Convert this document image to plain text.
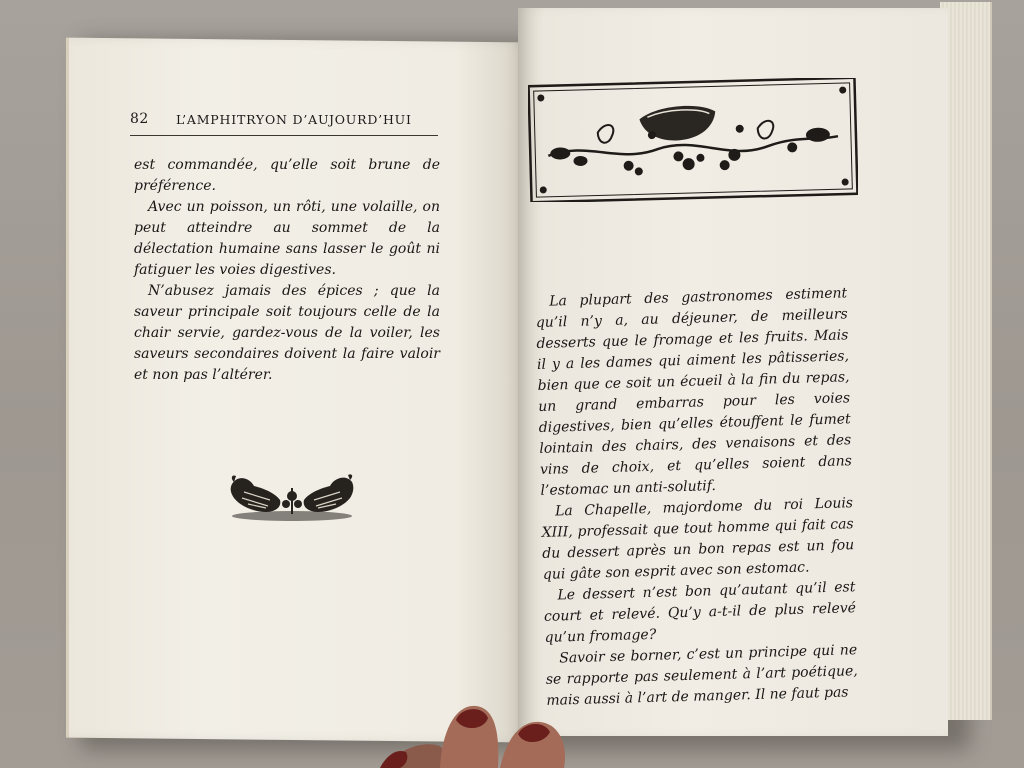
82 L’AMPHITRYON D’AUJOURD’HUI

est commandée, qu’elle soit brune de préférence.

Avec un poisson, un rôti, une volaille, on peut atteindre au sommet de la délectation humaine sans lasser le goût ni fatiguer les voies digestives.

N’abusez jamais des épices ; que la saveur principale soit toujours celle de la chair servie, gardez-vous de la voiler, les saveurs secondaires doivent la faire valoir et non pas l’altérer.

La plupart des gastronomes estiment qu’il n’y a, au déjeuner, de meilleurs desserts que le fromage et les fruits. Mais il y a les dames qui aiment les pâtisseries, bien que ce soit un écueil à la fin du repas, un grand embarras pour les voies digestives, bien qu’elles étouffent le fumet lointain des chairs, des venaisons et des vins de choix, et qu’elles soient dans l’estomac un anti-solutif.

La Chapelle, majordome du roi Louis XIII, professait que tout homme qui fait cas du dessert après un bon repas est un fou qui gâte son esprit avec son estomac.

Le dessert n’est bon qu’autant qu’il est court et relevé. Qu’y a-t-il de plus relevé qu’un fromage?

Savoir se borner, c’est un principe qui ne se rapporte pas seulement à l’art poétique, mais aussi à l’art de manger. Il ne faut pas
